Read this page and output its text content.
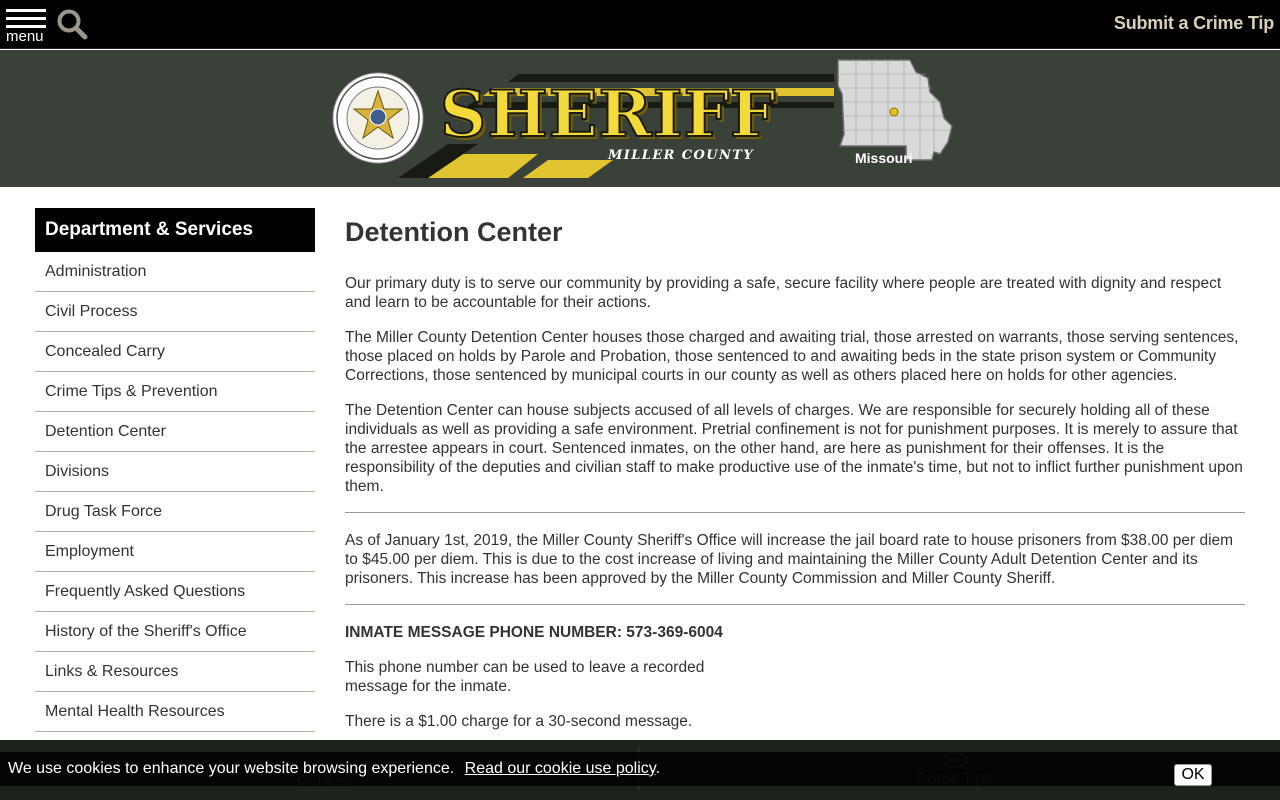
menu
Submit a Crime Tip
SHERIFF
MILLER COUNTY	Missouri
Department & Services
Administration
Civil Process
Concealed Carry
Crime Tips & Prevention
Detention Center
Divisions
Drug Task Force
Employment
Frequently Asked Questions
History of the Sheriff's Office
Links & Resources
Mental Health Resources
Detention Center

Our primary duty is to serve our community by providing a safe, secure facility where people are treated with dignity and respect and learn to be accountable for their actions.

The Miller County Detention Center houses those charged and awaiting trial, those arrested on warrants, those serving sentences, those placed on holds by Parole and Probation, those sentenced to and awaiting beds in the state prison system or Community Corrections, those sentenced by municipal courts in our county as well as others placed here on holds for other agencies.

The Detention Center can house subjects accused of all levels of charges. We are responsible for securely holding all of these individuals as well as providing a safe environment. Pretrial confinement is not for punishment purposes. It is merely to assure that the arrestee appears in court. Sentenced inmates, on the other hand, are here as punishment for their offenses. It is the responsibility of the deputies and civilian staff to make productive use of the inmate's time, but not to inflict further punishment upon them.

As of January 1st, 2019, the Miller County Sheriff's Office will increase the jail board rate to house prisoners from $38.00 per diem to $45.00 per diem. This is due to the cost increase of living and maintaining the Miller County Adult Detention Center and its prisoners. This increase has been approved by the Miller County Commission and Miller County Sheriff.

INMATE MESSAGE PHONE NUMBER: 573-369-6004

This phone number can be used to leave a recorded message for the inmate.

There is a $1.00 charge for a 30-second message.

We use cookies to enhance your website browsing experience. Read our cookie use policy.	OK
